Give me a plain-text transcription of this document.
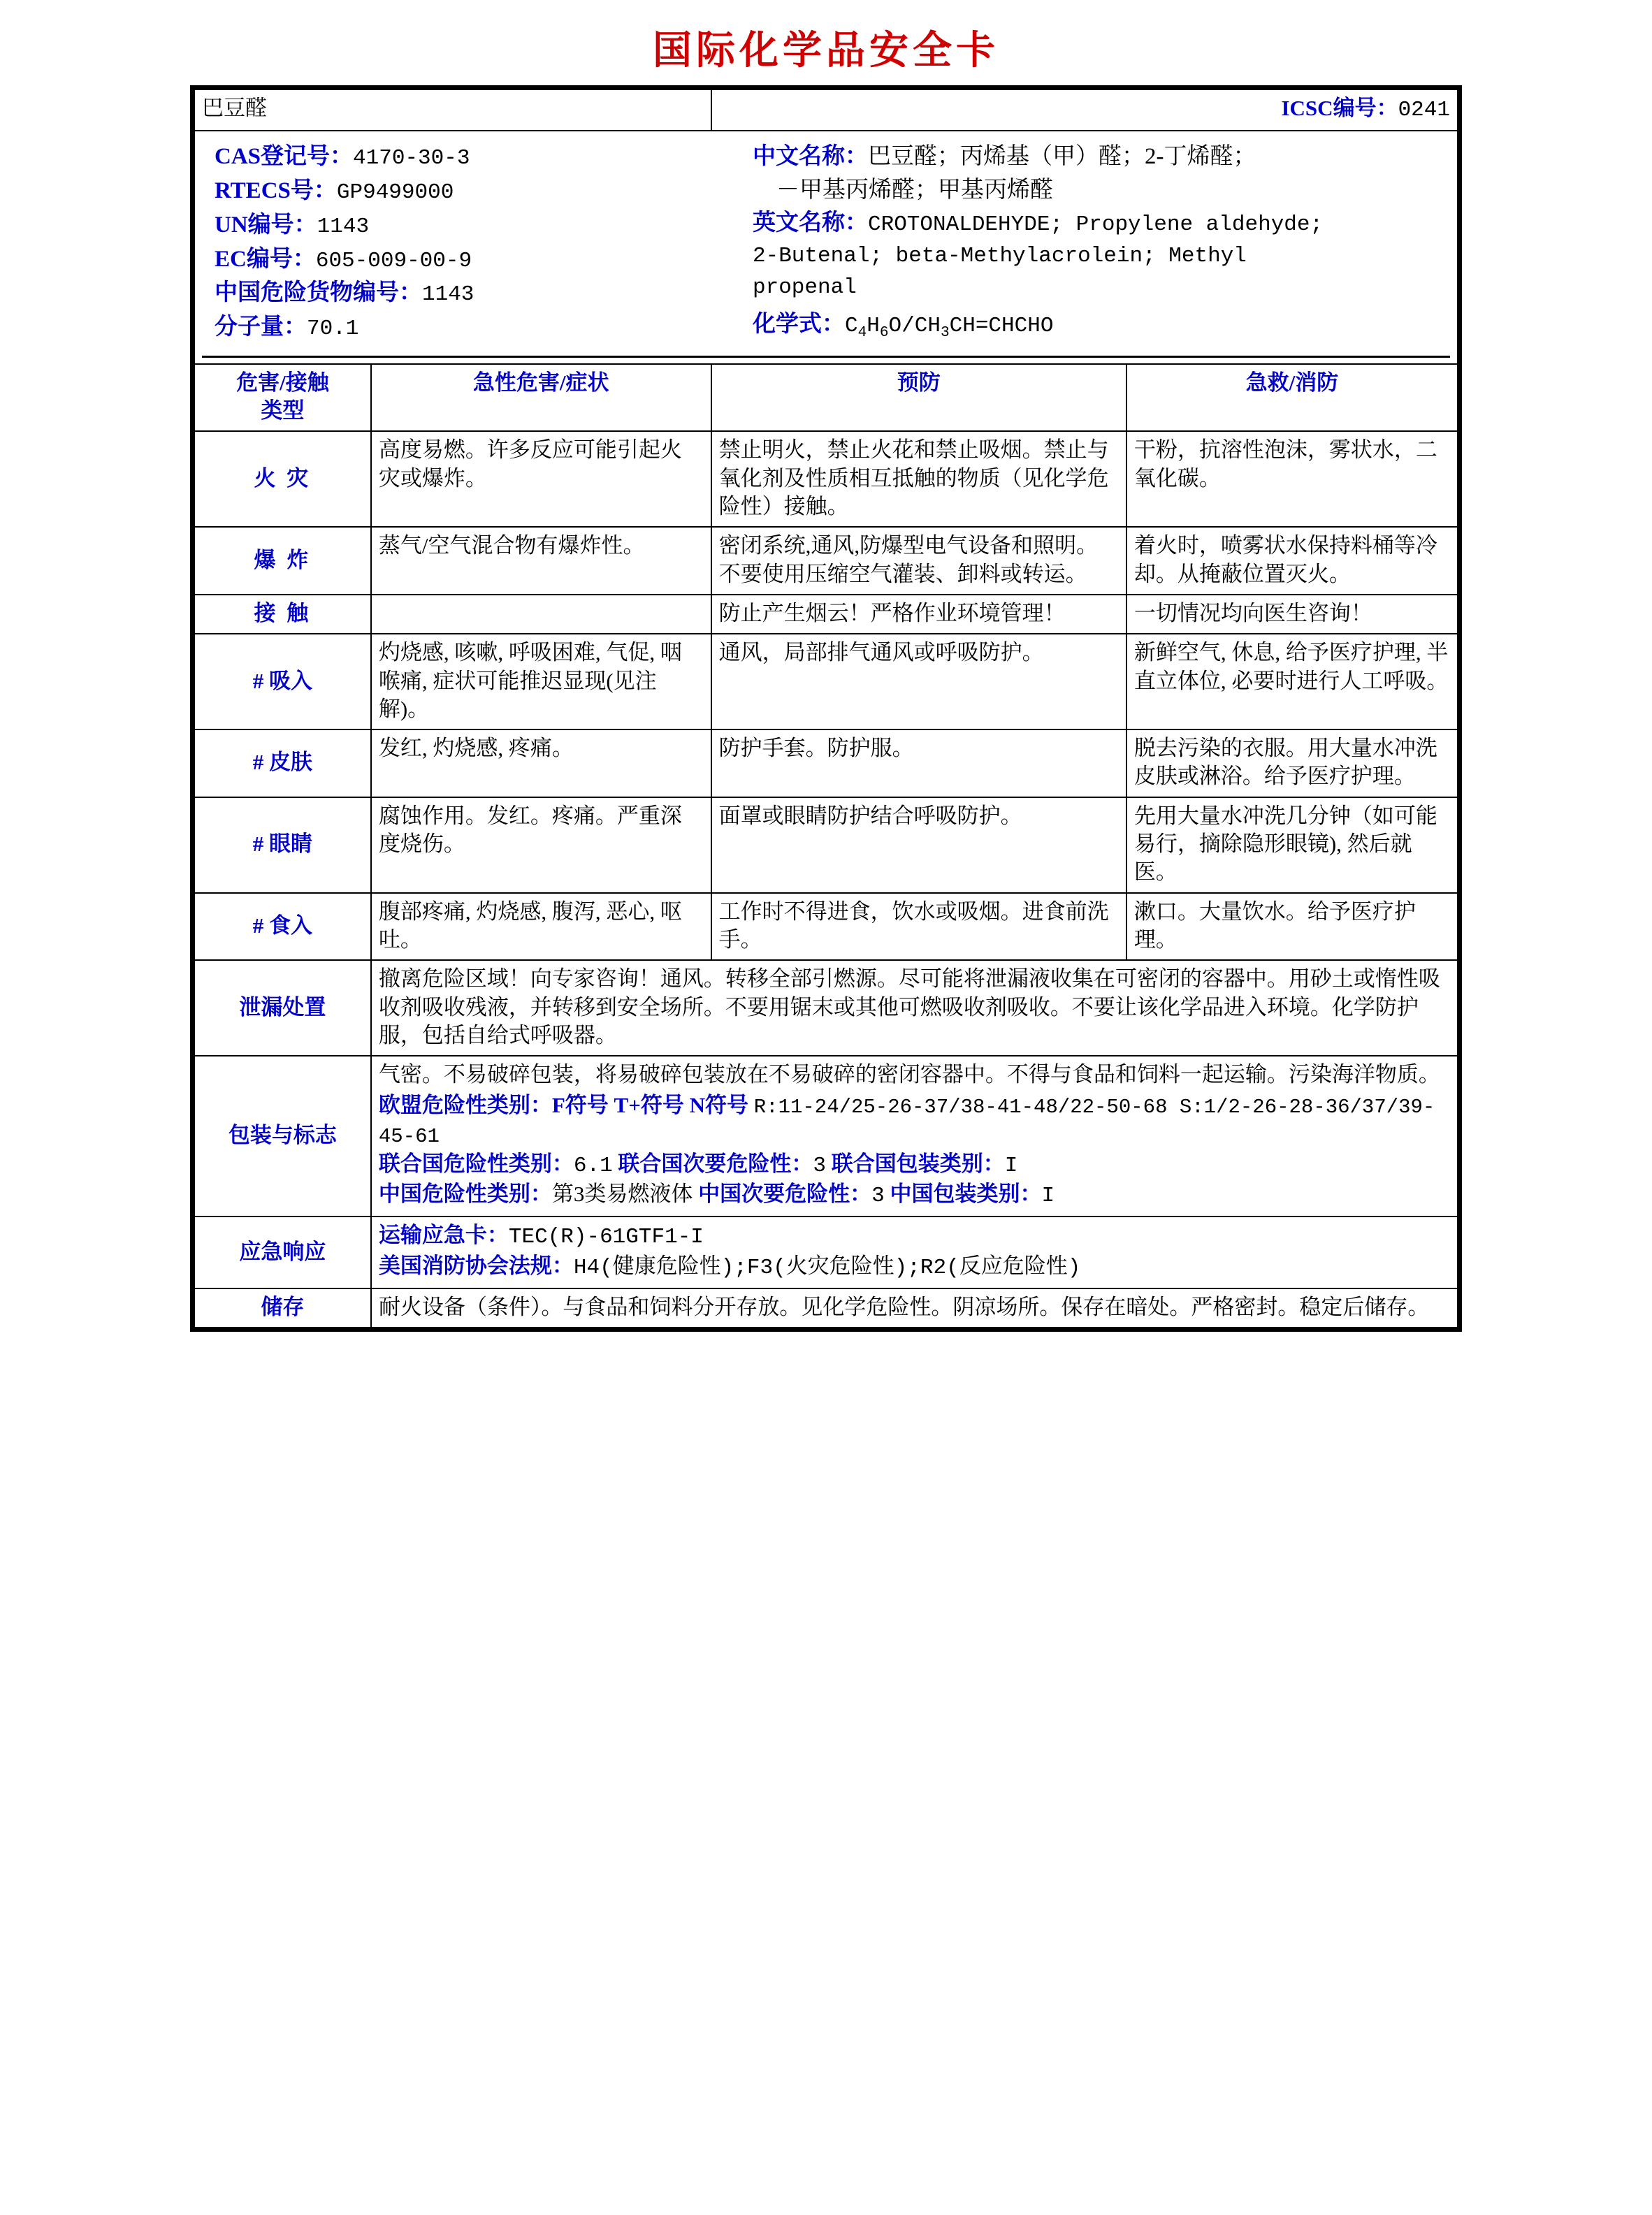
国际化学品安全卡
巴豆醛		ICSC编号：0241	

CAS登记号：4170-30-3
RTECS号：GP9499000
UN编号：1143
EC编号：605-009-00-9
中国危险货物编号：1143
分子量：70.1
中文名称：巴豆醛；丙烯基（甲）醛；2-丁烯醛；
－甲基丙烯醛；甲基丙烯醛
英文名称：CROTONALDEHYDE; Propylene aldehyde;
2-Butenal; beta-Methylacrolein; Methyl
propenal
化学式：$C_4H_6O/CH_3CH=CHCHO$

危害/接触
类型	急性危害/症状	预防	急救/消防
火 灾	高度易燃。许多反应可能引起火灾或爆炸。	禁止明火，禁止火花和禁止吸烟。禁止与氧化剂及性质相互抵触的物质（见化学危险性）接触。	干粉，抗溶性泡沫，雾状水，二氧化碳。
爆 炸	蒸气/空气混合物有爆炸性。	密闭系统,通风,防爆型电气设备和照明。不要使用压缩空气灌装、卸料或转运。	着火时，喷雾状水保持料桶等冷却。从掩蔽位置灭火。
接 触		防止产生烟云！严格作业环境管理！	一切情况均向医生咨询！
# 吸入	灼烧感, 咳嗽, 呼吸困难, 气促, 咽喉痛, 症状可能推迟显现(见注解)。	通风，局部排气通风或呼吸防护。	新鲜空气, 休息, 给予医疗护理, 半直立体位, 必要时进行人工呼吸。
# 皮肤	发红, 灼烧感, 疼痛。	防护手套。防护服。	脱去污染的衣服。用大量水冲洗皮肤或淋浴。给予医疗护理。
# 眼睛	腐蚀作用。发红。疼痛。严重深度烧伤。	面罩或眼睛防护结合呼吸防护。	先用大量水冲洗几分钟（如可能易行，摘除隐形眼镜), 然后就医。
# 食入	腹部疼痛, 灼烧感, 腹泻, 恶心, 呕吐。	工作时不得进食，饮水或吸烟。进食前洗手。	漱口。大量饮水。给予医疗护理。
泄漏处置	撤离危险区域！向专家咨询！通风。转移全部引燃源。尽可能将泄漏液收集在可密闭的容器中。用砂土或惰性吸收剂吸收残液，并转移到安全场所。不要用锯末或其他可燃吸收剂吸收。不要让该化学品进入环境。化学防护服，包括自给式呼吸器。		
包装与标志	气密。不易破碎包装，将易破碎包装放在不易破碎的密闭容器中。不得与食品和饲料一起运输。污染海洋物质。
欧盟危险性类别：F符号 T+符号 N符号 R:11-24/25-26-37/38-41-48/22-50-68 S:1/2-26-28-36/37/39-45-61
联合国危险性类别：6.1 联合国次要危险性：3 联合国包装类别：I
中国危险性类别：第3类易燃液体 中国次要危险性：3 中国包装类别：I		

应急响应	运输应急卡：TEC(R)-61GTF1-I
美国消防协会法规：H4(健康危险性);F3(火灾危险性);R2(反应危险性)		

储存	耐火设备（条件）。与食品和饲料分开存放。见化学危险性。阴凉场所。保存在暗处。严格密封。稳定后储存。		
